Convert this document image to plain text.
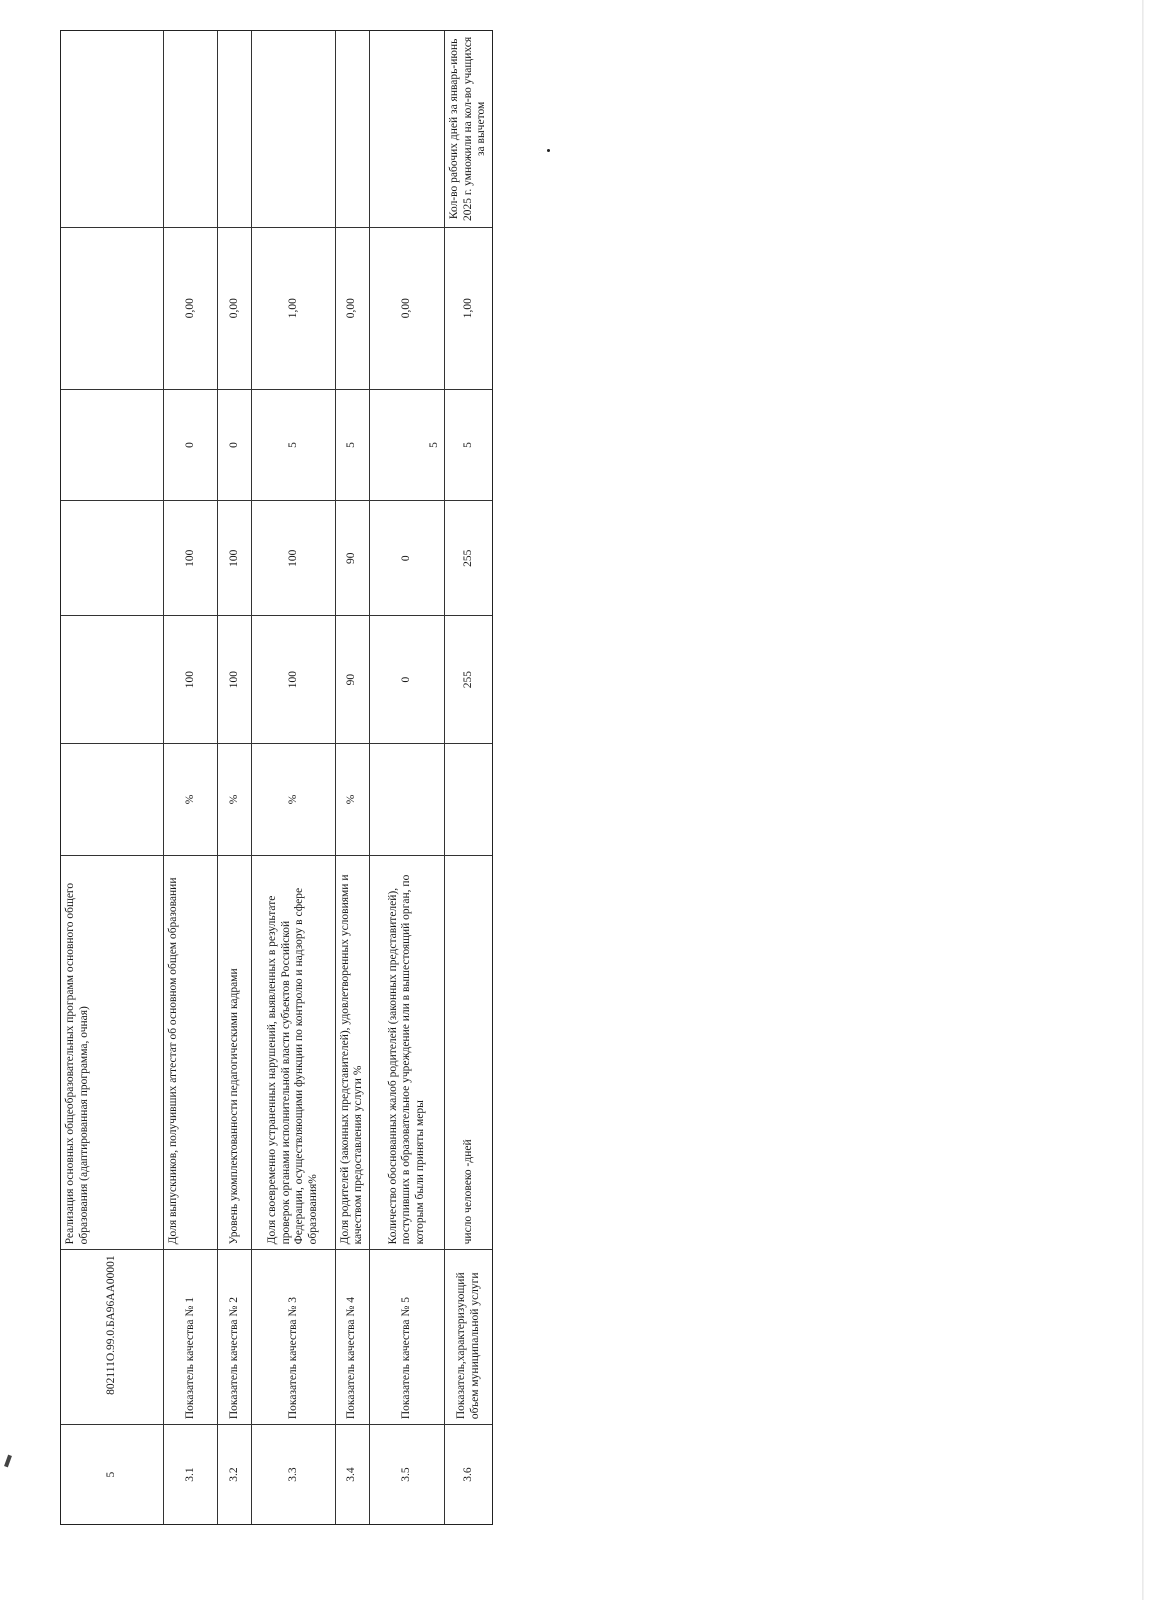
5
802111О.99.0.БА96АА00001
Реализация основных общеобразовательных программ основного общего образования (адаптированная программа, очная)
3.1
Показатель качества № 1
Доля выпускников, получивших аттестат об основном общем образовании
%
100
100
0
0,00
3.2
Показатель качества № 2
Уровень укомплектованности педагогическими кадрами
%
100
100
0
0,00
3.3
Показатель качества № 3
Доля своевременно устраненных нарушений, выявленных в результате проверок органами исполнительной власти субъектов Российской Федерации, осуществляющими функции по контролю и надзору в сфере образования%
%
100
100
5
1,00
3.4
Показатель качества № 4
Доля родителей (законных представителей), удовлетворенных условиями и качеством предоставления услуги %
%
90
90
5
0,00
3.5
Показатель качества № 5
Количество обоснованных жалоб родителей (законных представителей), поступивших в образовательное учреждение или в вышестоящий орган, по которым были приняты меры
0
0
5
0,00
3.6
Показатель,характеризующий объем муниципальной услуги
число человеко -дней
255
255
5
1,00
Кол-во рабочих дней за январь-июнь 2025 г. умножили на кол-во учащихся за вычетом
